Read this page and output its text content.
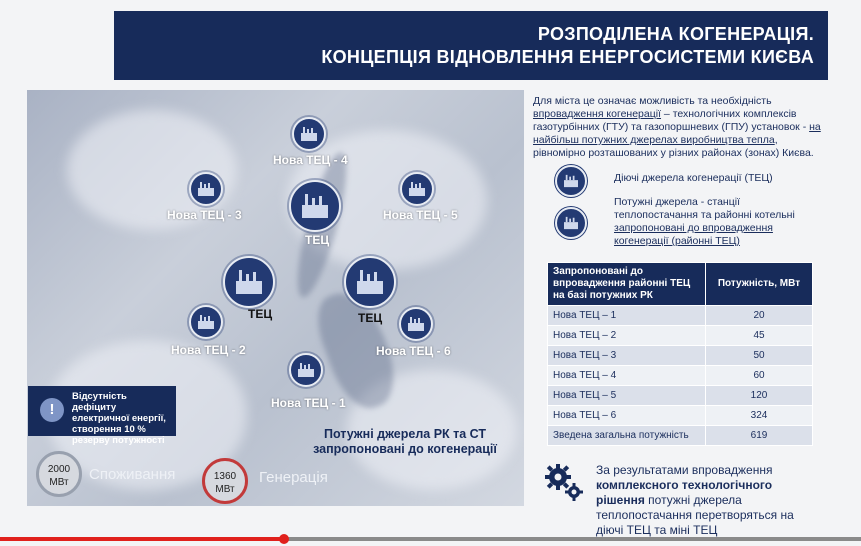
РОЗПОДІЛЕНА КОГЕНЕРАЦІЯ.
КОНЦЕПЦІЯ ВІДНОВЛЕННЯ ЕНЕРГОСИСТЕМИ КИЄВА
Нова ТЕЦ - 4
Нова ТЕЦ - 3
ТЕЦ
Нова ТЕЦ - 5
ТЕЦ	ТЕЦ
Нова ТЕЦ - 2	Нова ТЕЦ - 6
Нова ТЕЦ - 1
!
Відсутність дефіциту електричної енергії, створення 10 % резерву потужності	Потужні джерела РК та СТ запропоновані до когенерації
2000
МВт	Споживання	1360
МВт
Генерація
Для міста це означає можливість та необхідність впровадження когенерації – технологічних комплексів газотурбінних (ГТУ) та газопоршневих (ГПУ) установок - на найбільш потужних джерелах виробництва тепла, рівномірно розташованих у різних районах (зонах) Києва.
Діючі джерела когенерації (ТЕЦ)
Потужні джерела - станції теплопостачання та районні котельні запропоновані до впровадження когенерації (районні ТЕЦ)
Запропоновані до впровадження районні ТЕЦ на базі потужних РК	Потужність, МВт
Нова ТЕЦ – 1	20
Нова ТЕЦ – 2	45
Нова ТЕЦ – 3	50
Нова ТЕЦ – 4	60
Нова ТЕЦ – 5	120
Нова ТЕЦ – 6	324
Зведена загальна потужність	619
За результатами впровадження комплексного технологічного рішення потужні джерела теплопостачання перетворяться на діючі ТЕЦ та міні ТЕЦ
